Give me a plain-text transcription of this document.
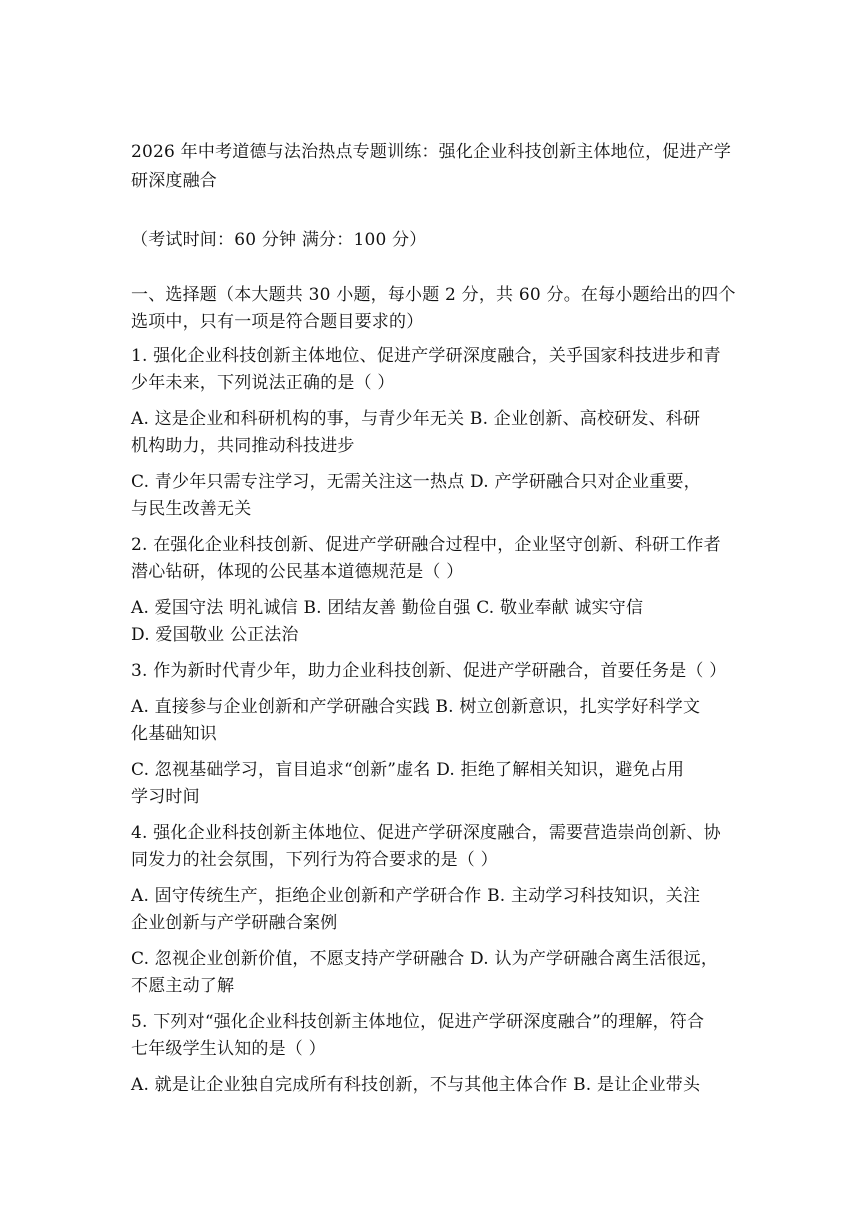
2026 年中考道德与法治热点专题训练：强化企业科技创新主体地位，促进产学
研深度融合
（考试时间：60 分钟 满分：100 分）
一、选择题（本大题共 30 小题，每小题 2 分，共 60 分。在每小题给出的四个
选项中，只有一项是符合题目要求的）
1. 强化企业科技创新主体地位、促进产学研深度融合，关乎国家科技进步和青
少年未来，下列说法正确的是（ ）
A. 这是企业和科研机构的事，与青少年无关 B. 企业创新、高校研发、科研
机构助力，共同推动科技进步
C. 青少年只需专注学习，无需关注这一热点 D. 产学研融合只对企业重要，
与民生改善无关
2. 在强化企业科技创新、促进产学研融合过程中，企业坚守创新、科研工作者
潜心钻研，体现的公民基本道德规范是（ ）
A. 爱国守法 明礼诚信 B. 团结友善 勤俭自强 C. 敬业奉献 诚实守信
D. 爱国敬业 公正法治
3. 作为新时代青少年，助力企业科技创新、促进产学研融合，首要任务是（ ）
A. 直接参与企业创新和产学研融合实践 B. 树立创新意识，扎实学好科学文
化基础知识
C. 忽视基础学习，盲目追求“创新”虚名 D. 拒绝了解相关知识，避免占用
学习时间
4. 强化企业科技创新主体地位、促进产学研深度融合，需要营造崇尚创新、协
同发力的社会氛围，下列行为符合要求的是（ ）
A. 固守传统生产，拒绝企业创新和产学研合作 B. 主动学习科技知识，关注
企业创新与产学研融合案例
C. 忽视企业创新价值，不愿支持产学研融合 D. 认为产学研融合离生活很远，
不愿主动了解
5. 下列对“强化企业科技创新主体地位，促进产学研深度融合”的理解，符合
七年级学生认知的是（ ）
A. 就是让企业独自完成所有科技创新，不与其他主体合作 B. 是让企业带头
